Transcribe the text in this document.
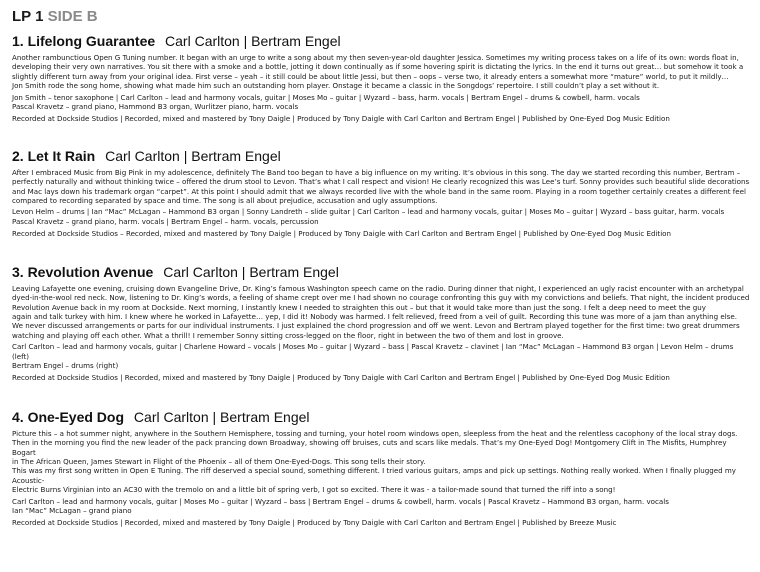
LP 1 SIDE B
1. Lifelong Guarantee Carl Carlton | Bertram Engel
Another rambunctious Open G Tuning number. It began with an urge to write a song about my then seven-year-old daughter Jessica. Sometimes my writing process takes on a life of its own: words float in,
developing their very own narratives. You sit there with a smoke and a bottle, jotting it down continually as if some hovering spirit is dictating the lyrics. In the end it turns out great… but somehow it took a
slightly different turn away from your original idea. First verse – yeah – it still could be about little Jessi, but then – oops – verse two, it already enters a somewhat more “mature” world, to put it mildly…
Jon Smith rode the song home, showing what made him such an outstanding horn player. Onstage it became a classic in the Songdogs’ repertoire. I still couldn’t play a set without it.
Jon Smith – tenor saxophone | Carl Carlton – lead and harmony vocals, guitar | Moses Mo – guitar | Wyzard – bass, harm. vocals | Bertram Engel – drums & cowbell, harm. vocals
Pascal Kravetz – grand piano, Hammond B3 organ, Wurlitzer piano, harm. vocals
Recorded at Dockside Studios | Recorded, mixed and mastered by Tony Daigle | Produced by Tony Daigle with Carl Carlton and Bertram Engel | Published by One-Eyed Dog Music Edition
2. Let It Rain Carl Carlton | Bertram Engel
After I embraced Music from Big Pink in my adolescence, definitely The Band too began to have a big influence on my writing. It’s obvious in this song. The day we started recording this number, Bertram –
perfectly naturally and without thinking twice – offered the drum stool to Levon. That’s what I call respect and vision! He clearly recognized this was Lee’s turf. Sonny provides such beautiful slide decorations
and Mac lays down his trademark organ “carpet”. At this point I should admit that we always recorded live with the whole band in the same room. Playing in a room together certainly creates a different feel
compared to recording separated by space and time. The song is all about prejudice, accusation and ugly assumptions.
Levon Helm – drums | Ian “Mac” McLagan – Hammond B3 organ | Sonny Landreth – slide guitar | Carl Carlton – lead and harmony vocals, guitar | Moses Mo – guitar | Wyzard – bass guitar, harm. vocals
Pascal Kravetz – grand piano, harm. vocals | Bertram Engel – harm. vocals, percussion
Recorded at Dockside Studios – Recorded, mixed and mastered by Tony Daigle | Produced by Tony Daigle with Carl Carlton and Bertram Engel | Published by One-Eyed Dog Music Edition
3. Revolution Avenue Carl Carlton | Bertram Engel
Leaving Lafayette one evening, cruising down Evangeline Drive, Dr. King’s famous Washington speech came on the radio. During dinner that night, I experienced an ugly racist encounter with an archetypal
dyed-in-the-wool red neck. Now, listening to Dr. King’s words, a feeling of shame crept over me I had shown no courage confronting this guy with my convictions and beliefs. That night, the incident produced
Revolution Avenue back in my room at Dockside. Next morning, I instantly knew I needed to straighten this out – but that it would take more than just the song. I felt a deep need to meet the guy
again and talk turkey with him. I knew where he worked in Lafayette… yep, I did it! Nobody was harmed. I felt relieved, freed from a veil of guilt. Recording this tune was more of a jam than anything else.
We never discussed arrangements or parts for our individual instruments. I just explained the chord progression and off we went. Levon and Bertram played together for the first time: two great drummers
watching and playing off each other. What a thrill! I remember Sonny sitting cross-legged on the floor, right in between the two of them and lost in groove.
Carl Carlton – lead and harmony vocals, guitar | Charlene Howard – vocals | Moses Mo – guitar | Wyzard – bass | Pascal Kravetz – clavinet | Ian “Mac” McLagan – Hammond B3 organ | Levon Helm – drums (left)
Bertram Engel – drums (right)
Recorded at Dockside Studios | Recorded, mixed and mastered by Tony Daigle | Produced by Tony Daigle with Carl Carlton and Bertram Engel | Published by One-Eyed Dog Music Edition
4. One-Eyed Dog Carl Carlton | Bertram Engel
Picture this – a hot summer night, anywhere in the Southern Hemisphere, tossing and turning, your hotel room windows open, sleepless from the heat and the relentless cacophony of the local stray dogs.
Then in the morning you find the new leader of the pack prancing down Broadway, showing off bruises, cuts and scars like medals. That’s my One-Eyed Dog! Montgomery Clift in The Misfits, Humphrey Bogart
in The African Queen, James Stewart in Flight of the Phoenix – all of them One-Eyed-Dogs. This song tells their story.
This was my first song written in Open E Tuning. The riff deserved a special sound, something different. I tried various guitars, amps and pick up settings. Nothing really worked. When I finally plugged my Acoustic-
Electric Burns Virginian into an AC30 with the tremolo on and a little bit of spring verb, I got so excited. There it was - a tailor-made sound that turned the riff into a song!
Carl Carlton – lead and harmony vocals, guitar | Moses Mo – guitar | Wyzard – bass | Bertram Engel – drums & cowbell, harm. vocals | Pascal Kravetz – Hammond B3 organ, harm. vocals
Ian “Mac” McLagan – grand piano
Recorded at Dockside Studios | Recorded, mixed and mastered by Tony Daigle | Produced by Tony Daigle with Carl Carlton and Bertram Engel | Published by Breeze Music
